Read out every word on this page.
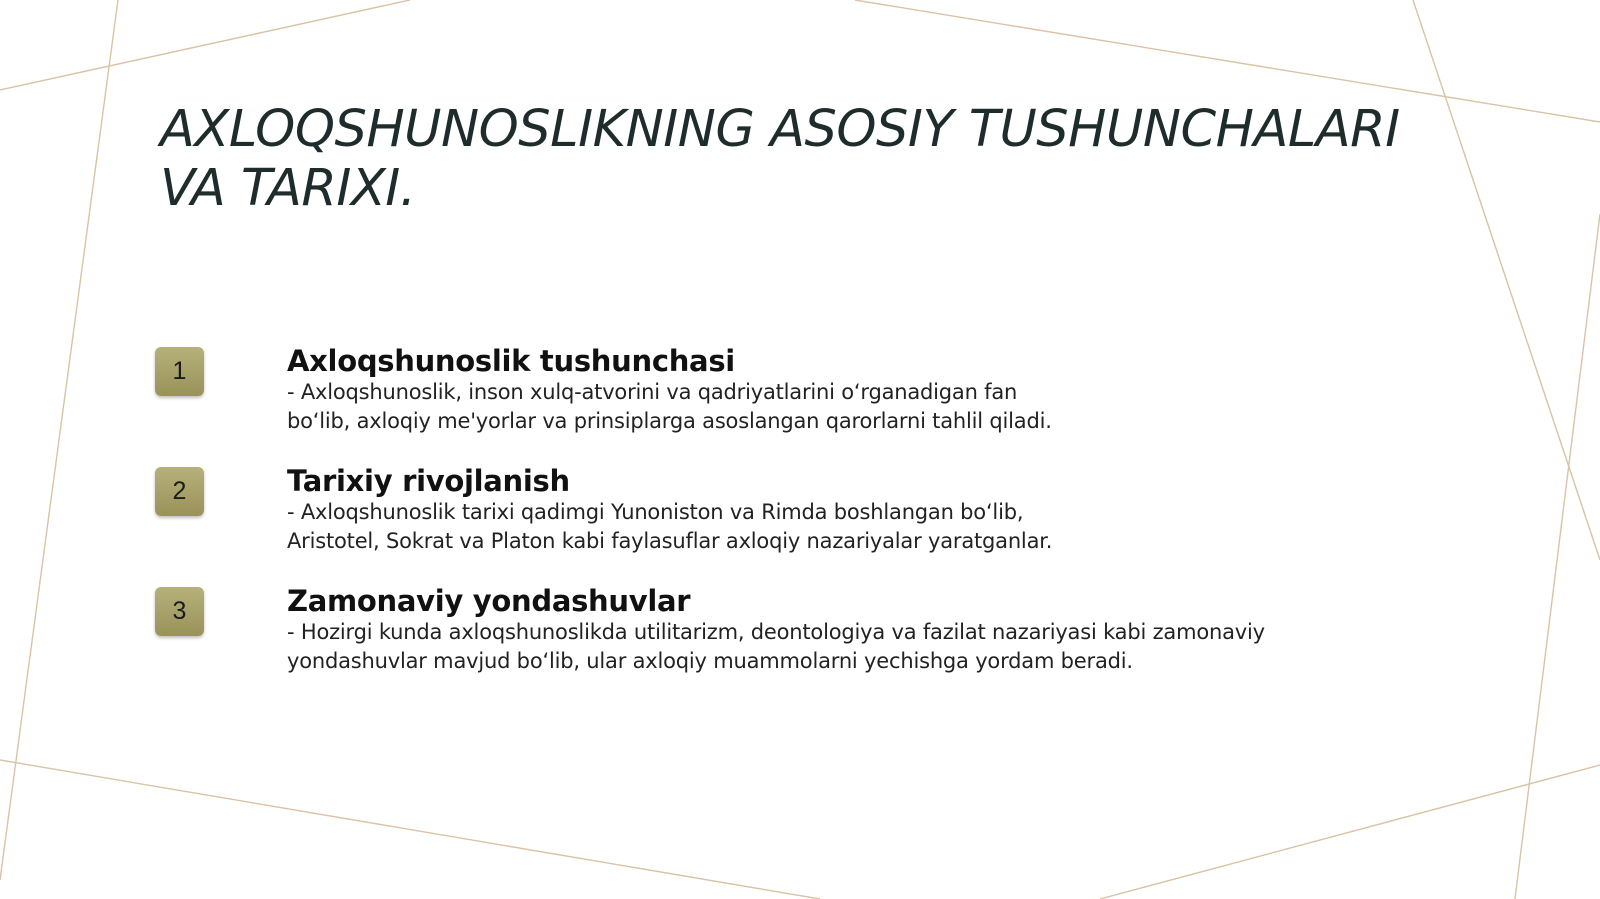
AXLOQSHUNOSLIKNING ASOSIY TUSHUNCHALARI VA TARIXI.
1	Axloqshunoslik tushunchasi

- Axloqshunoslik, inson xulq-atvorini va qadriyatlarini o‘rganadigan fan
bo‘lib, axloqiy me'yorlar va prinsiplarga asoslangan qarorlarni tahlil qiladi.

2	Tarixiy rivojlanish

- Axloqshunoslik tarixi qadimgi Yunoniston va Rimda boshlangan bo‘lib,
Aristotel, Sokrat va Platon kabi faylasuflar axloqiy nazariyalar yaratganlar.

3	Zamonaviy yondashuvlar

- Hozirgi kunda axloqshunoslikda utilitarizm, deontologiya va fazilat nazariyasi kabi zamonaviy
yondashuvlar mavjud bo‘lib, ular axloqiy muammolarni yechishga yordam beradi.
